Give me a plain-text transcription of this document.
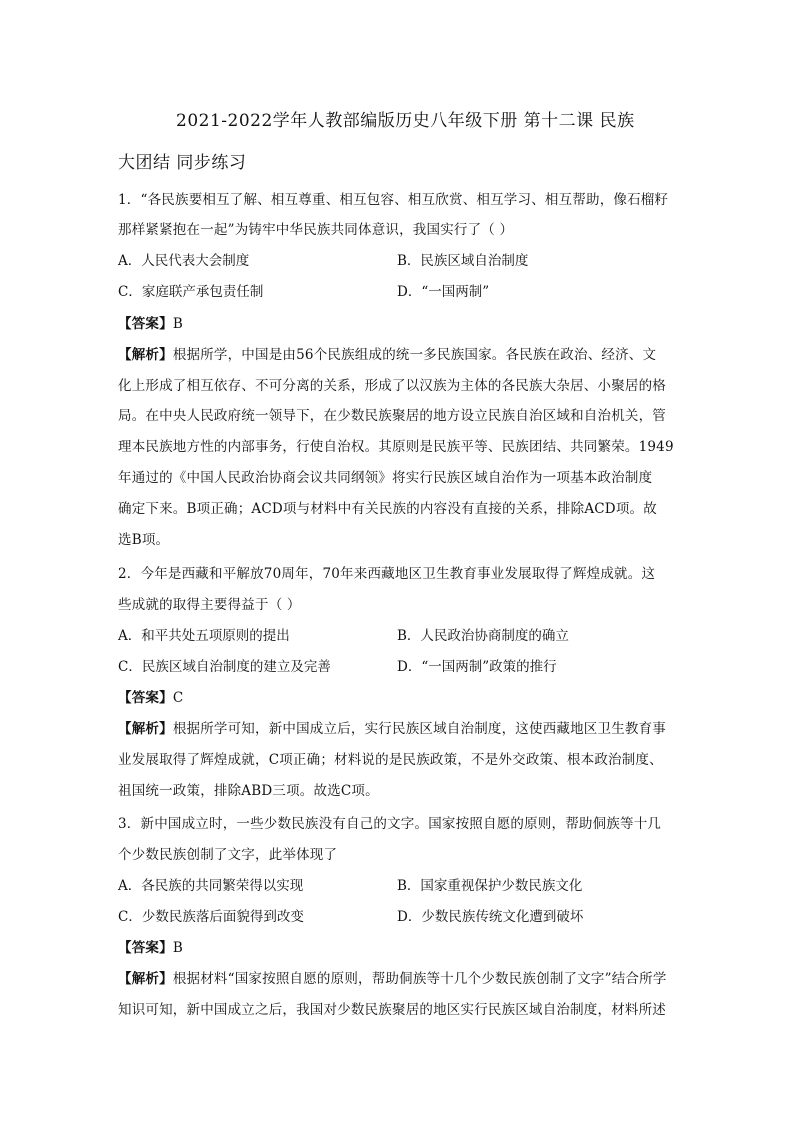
2021-2022学年人教部编版历史八年级下册 第十二课 民族
大团结 同步练习
1．“各民族要相互了解、相互尊重、相互包容、相互欣赏、相互学习、相互帮助，像石榴籽
那样紧紧抱在一起”为铸牢中华民族共同体意识，我国实行了（ ）
A．人民代表大会制度	B．民族区域自治制度
C．家庭联产承包责任制	D．“一国两制”
【答案】B
【解析】根据所学，中国是由56个民族组成的统一多民族国家。各民族在政治、经济、文
化上形成了相互依存、不可分离的关系，形成了以汉族为主体的各民族大杂居、小聚居的格
局。在中央人民政府统一领导下，在少数民族聚居的地方设立民族自治区域和自治机关，管
理本民族地方性的内部事务，行使自治权。其原则是民族平等、民族团结、共同繁荣。1949
年通过的《中国人民政治协商会议共同纲领》将实行民族区域自治作为一项基本政治制度
确定下来。B项正确；ACD项与材料中有关民族的内容没有直接的关系，排除ACD项。故
选B项。
2．今年是西藏和平解放70周年，70年来西藏地区卫生教育事业发展取得了辉煌成就。这
些成就的取得主要得益于（ ）
A．和平共处五项原则的提出	B．人民政治协商制度的确立
C．民族区域自治制度的建立及完善	D．“一国两制”政策的推行
【答案】C
【解析】根据所学可知，新中国成立后，实行民族区域自治制度，这使西藏地区卫生教育事
业发展取得了辉煌成就，C项正确；材料说的是民族政策，不是外交政策、根本政治制度、
祖国统一政策，排除ABD三项。故选C项。
3．新中国成立时，一些少数民族没有自己的文字。国家按照自愿的原则，帮助侗族等十几
个少数民族创制了文字，此举体现了
A．各民族的共同繁荣得以实现	B．国家重视保护少数民族文化
C．少数民族落后面貌得到改变	D．少数民族传统文化遭到破坏
【答案】B
【解析】根据材料“国家按照自愿的原则，帮助侗族等十几个少数民族创制了文字”结合所学
知识可知，新中国成立之后，我国对少数民族聚居的地区实行民族区域自治制度，材料所述
